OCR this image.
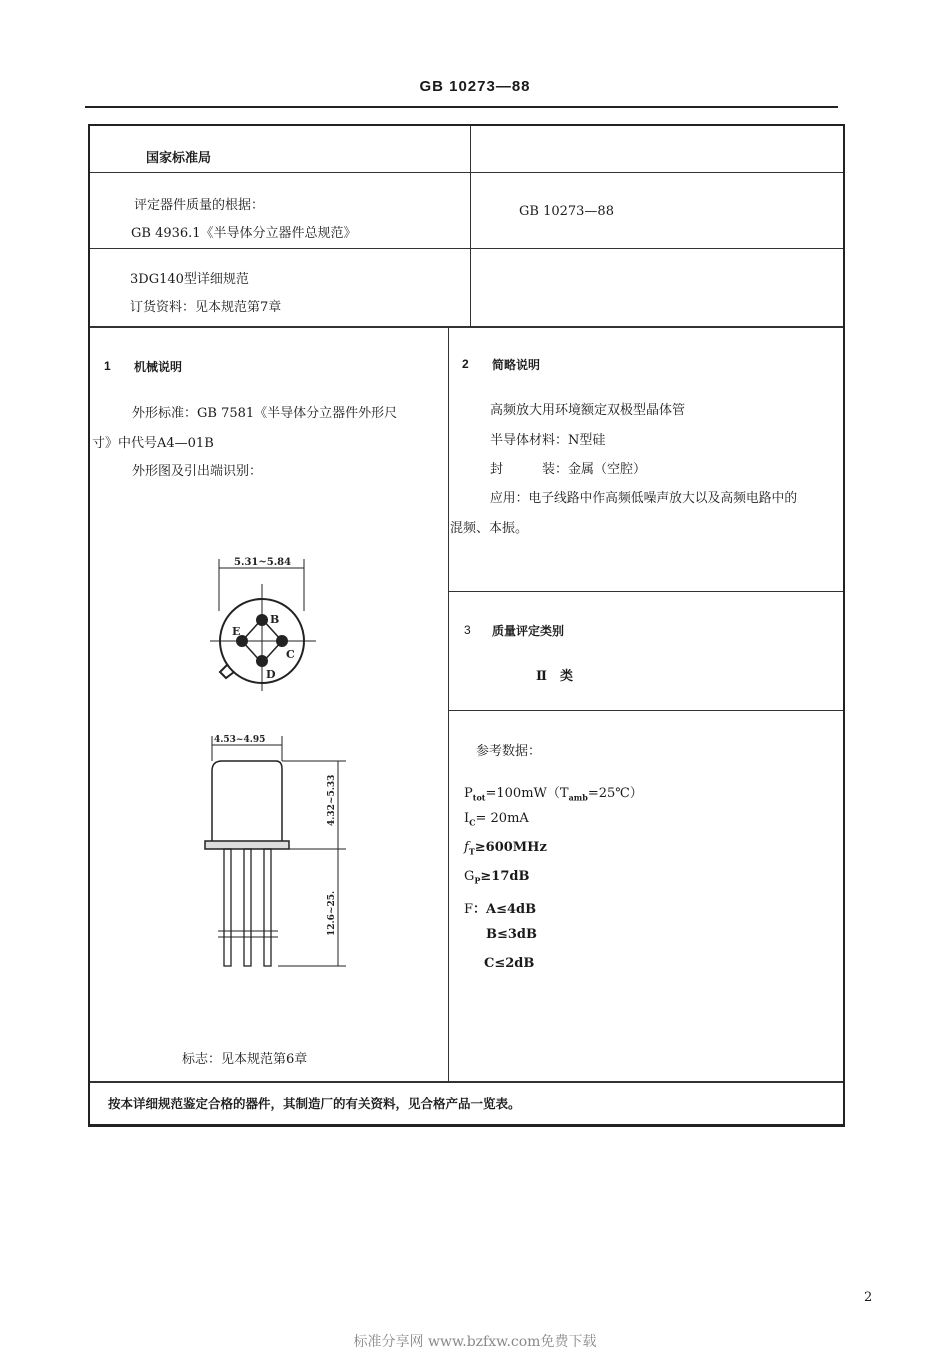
GB 10273—88
国家标准局
评定器件质量的根据：
GB 4936.1《半导体分立器件总规范》
GB 10273—88
3DG140型详细规范
订货资料：见本规范第7章
1 机械说明
外形标准：GB 7581《半导体分立器件外形尺
寸》中代号A4—01B
外形图及引出端识别：
5.31~5.84
B
E
C
D
4.53~4.95
4.32~5.33
12.6~25.
标志：见本规范第6章
2 简略说明
高频放大用环境额定双极型晶体管
半导体材料：N型硅
封　　　装：金属（空腔）
应用：电子线路中作高频低噪声放大以及高频电路中的
混频、本振。
3 质量评定类别
Ⅱ　类
参考数据：
$P_{tot}=100mW(T_{amb}=25℃)$
$I_C= 20mA$
$f_T\ge 600MHz$
$G_P\ge 17dB$
F：A≤4dB
B≤3dB
C≤2dB
按本详细规范鉴定合格的器件，其制造厂的有关资料，见合格产品一览表。
2
标准分享网 www.bzfxw.com免费下载
